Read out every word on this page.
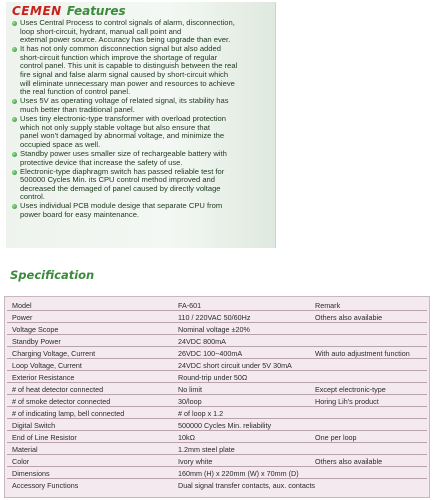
CEMEN Features
Uses Central Process to control signals of alarm, disconnection,
loop short-circuit, hydrant, manual call point and
external power source. Accuracy has being upgrade than ever.
It has not only common disconnection signal but also added
short-circuit function which improve the shortage of regular
control panel. This unit is capable to distinguish between the real
fire signal and false alarm signal caused by short-circuit which
will eliminate unnecessary man power and resources to achieve
the real function of control panel.
Uses 5V as operating voltage of related signal, its stability has
much better than traditional panel.
Uses tiny electronic-type transformer with overload protection
which not only supply stable voltage but also ensure that
panel won't damaged by abnormal voltage, and minimize the
occupied space as well.
Standby power uses smaller size of rechargeable battery with
protective device that increase the safety of use.
Electronic-type diaphragm switch has passed reliable test for
500000 Cycles Min. its CPU control method improved and
decreased the demaged of panel caused by directly voltage
control.
Uses individual PCB module desige that separate CPU from
power board for easy maintenance.
Specification
Model	FA-601	Remark
Power	110 / 220VAC 50/60Hz	Others also availabie
Voltage Scope	Nominal voltage ±20%
Standby Power	24VDC 800mA
Charging Voltage, Current	26VDC 100~400mA	With auto adjustment function
Loop Voltage, Current	24VDC short circuit under 5V 30mA
Exterior Resistance	Round-trip under 50Ω
# of heat detector connected	No limit	Except electronic-type
# of smoke detector connected	30/loop	Horing Lih's product
# of indicating lamp, bell connected	# of loop x 1.2
Digital Switch	500000 Cycles Min. reliability
End of Line Resistor	10kΩ	One per loop
Material	1.2mm steel plate
Color	Ivory white	Others also available
Dimensions	160mm (H) x 220mm (W) x 70mm (D)
Accessory Functions	Dual signal transfer contacts, aux. contacts
